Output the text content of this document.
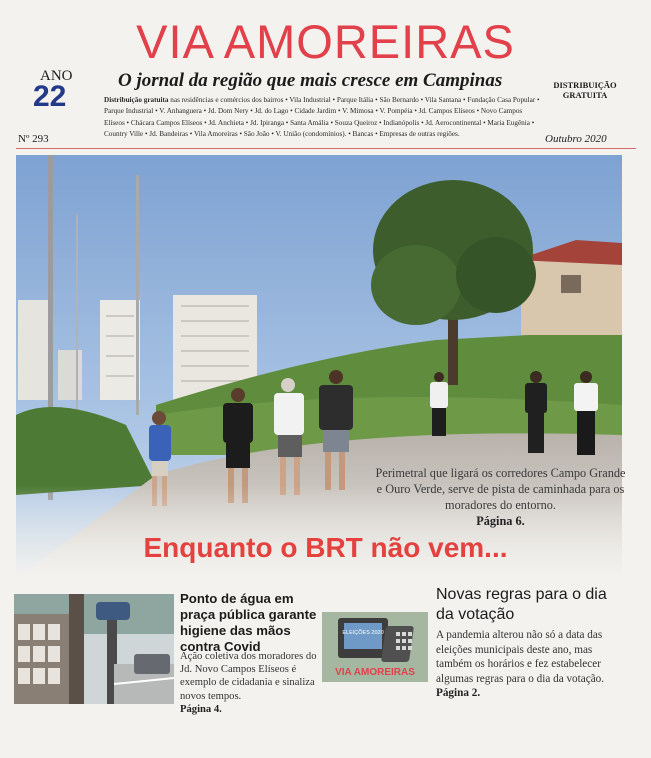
VIA AMOREIRAS
ANO
22	O jornal da região que mais cresce em Campinas	DISTRIBUIÇÃO
GRATUITA
Distribuição gratuita nas residências e comércios dos bairros • Vila Industrial • Parque Itália • São Bernardo • Vila Santana • Fundação Casa Popular • Parque Industrial • V. Anhanguera • Jd. Dom Nery • Jd. do Lago • Cidade Jardim • V. Mimosa • V. Pompéia • Jd. Campos Elíseos • Novo Campos Elíseos • Chácara Campos Elíseos • Jd. Anchieta • Jd. Ipiranga • Santa Amália • Souza Queiroz • Indianópolis • Jd. Aerocontinental • Maria Eugênia • Country Ville • Jd. Bandeiras • Vila Amoreiras • São João • V. União (condomínios). • Bancas • Empresas de outras regiões.
Nº 293	Outubro 2020
Perimetral que ligará os corredores Campo Grande e Ouro Verde, serve de pista de caminhada para os moradores do entorno.
Página 6.
Enquanto o BRT não vem...
Ponto de água em praça pública garante higiene das mãos contra Covid
Ação coletiva dos moradores do Jd. Novo Campos Elíseos é exemplo de cidadania e sinaliza novos tempos.
Página 4.
ELEIÇÕES 2020
VIA AMOREIRAS
Novas regras para o dia da votação
A pandemia alterou não só a data das eleições municipais deste ano, mas também os horários e fez estabelecer algumas regras para o dia da votação.
Página 2.
